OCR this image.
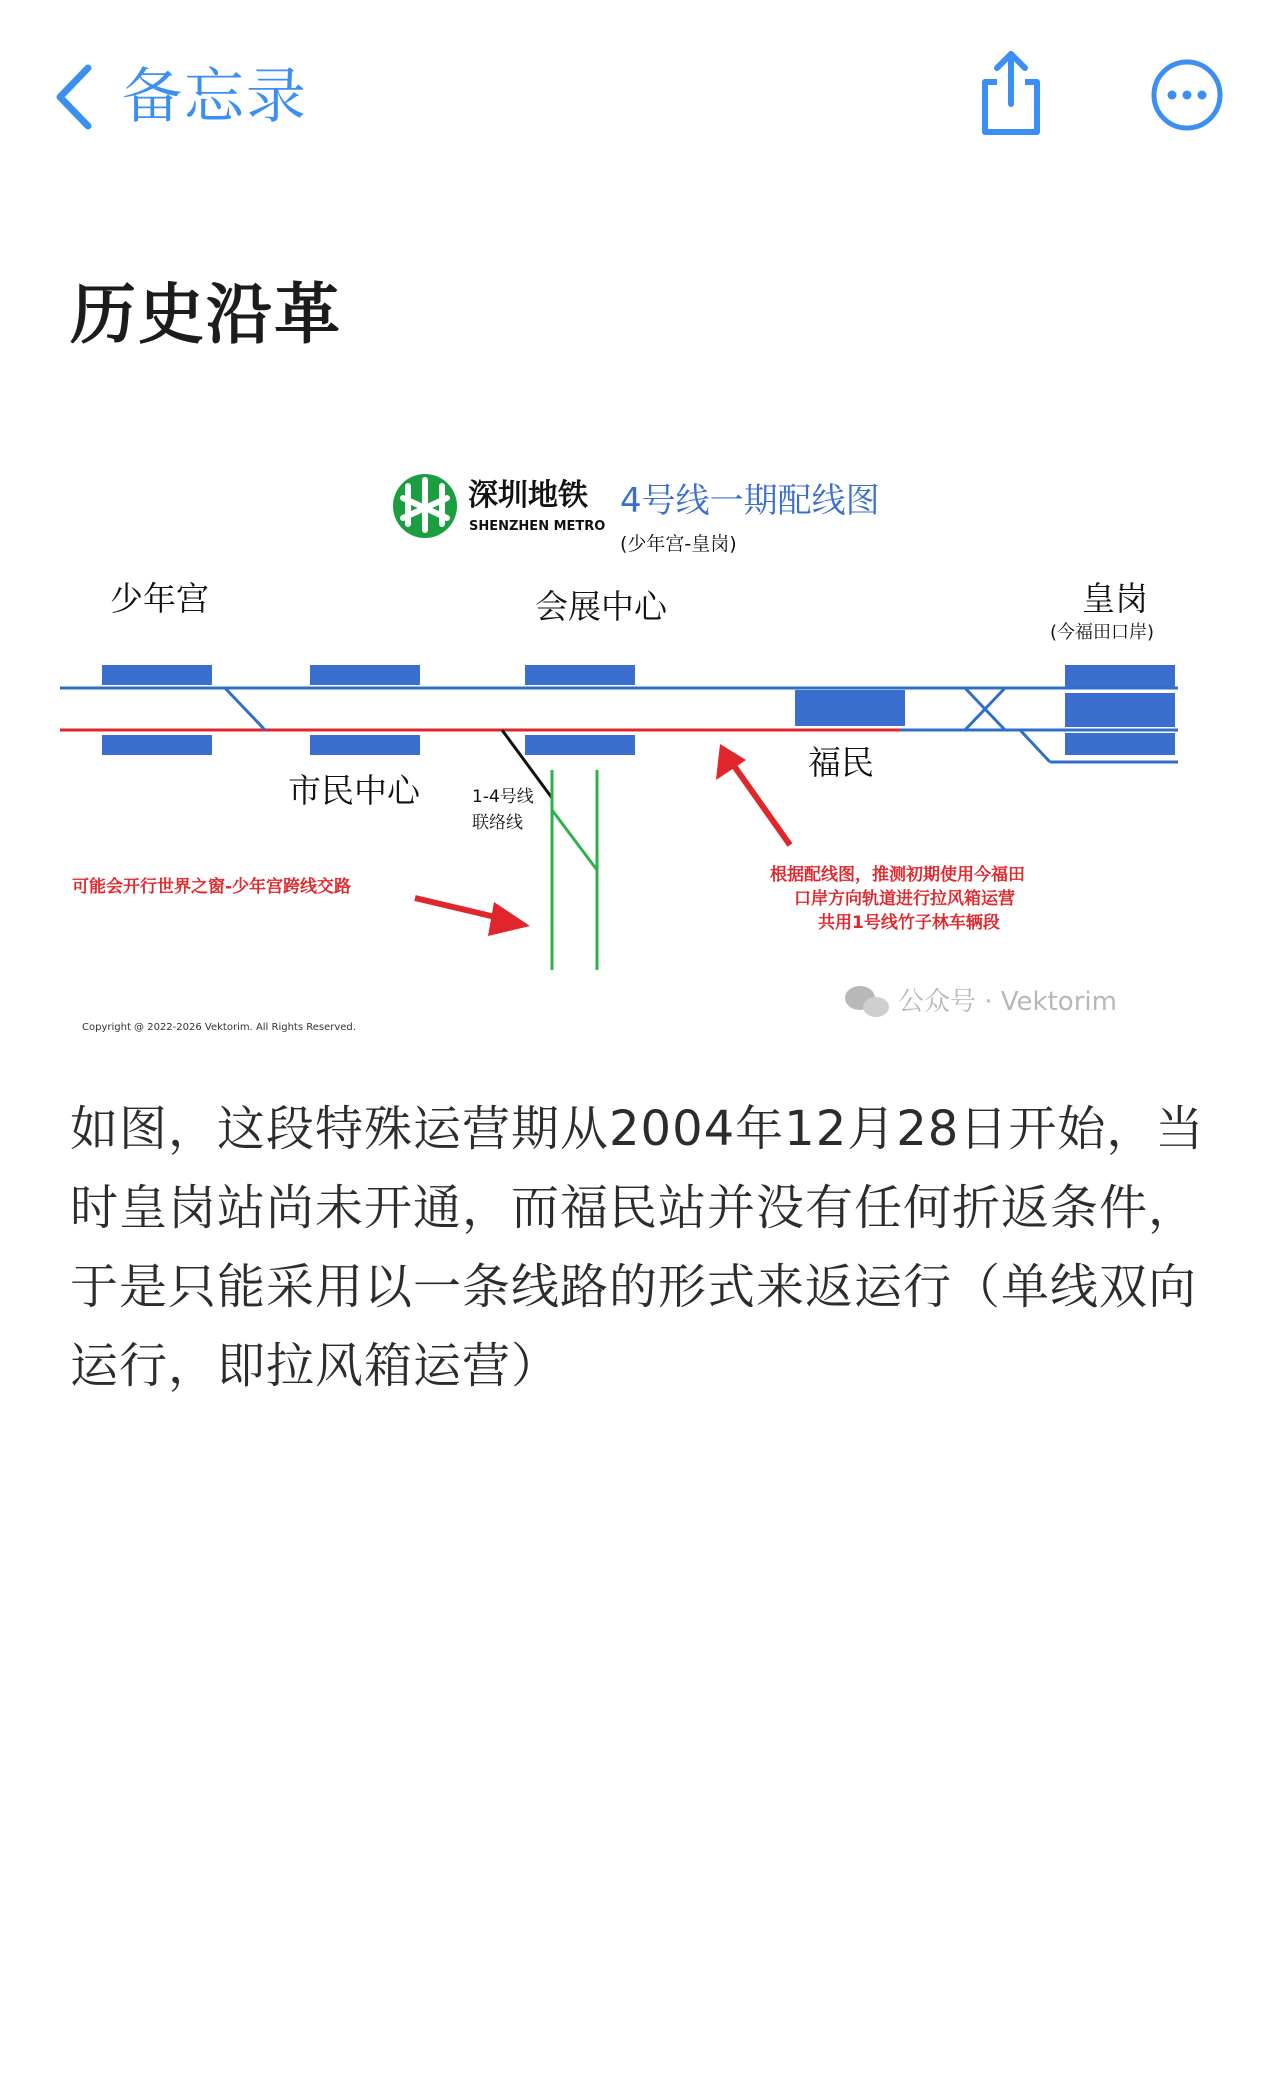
备忘录
历史沿革
深圳地铁
SHENZHEN METRO
4号线一期配线图
(少年宫-皇岗)
少年宫	会展中心	皇岗
(今福田口岸)
市民中心
福民
1-4号线
联络线
可能会开行世界之窗-少年宫跨线交路
根据配线图，推测初期使用今福田
口岸方向轨道进行拉风箱运营
共用1号线竹子林车辆段
公众号 · Vektorim
Copyright @ 2022-2026 Vektorim. All Rights Reserved.
如图，这段特殊运营期从2004年12月28日开始，当时皇岗站尚未开通，而福民站并没有任何折返条件，于是只能采用以一条线路的形式来返运行（单线双向运行，即拉风箱运营）
